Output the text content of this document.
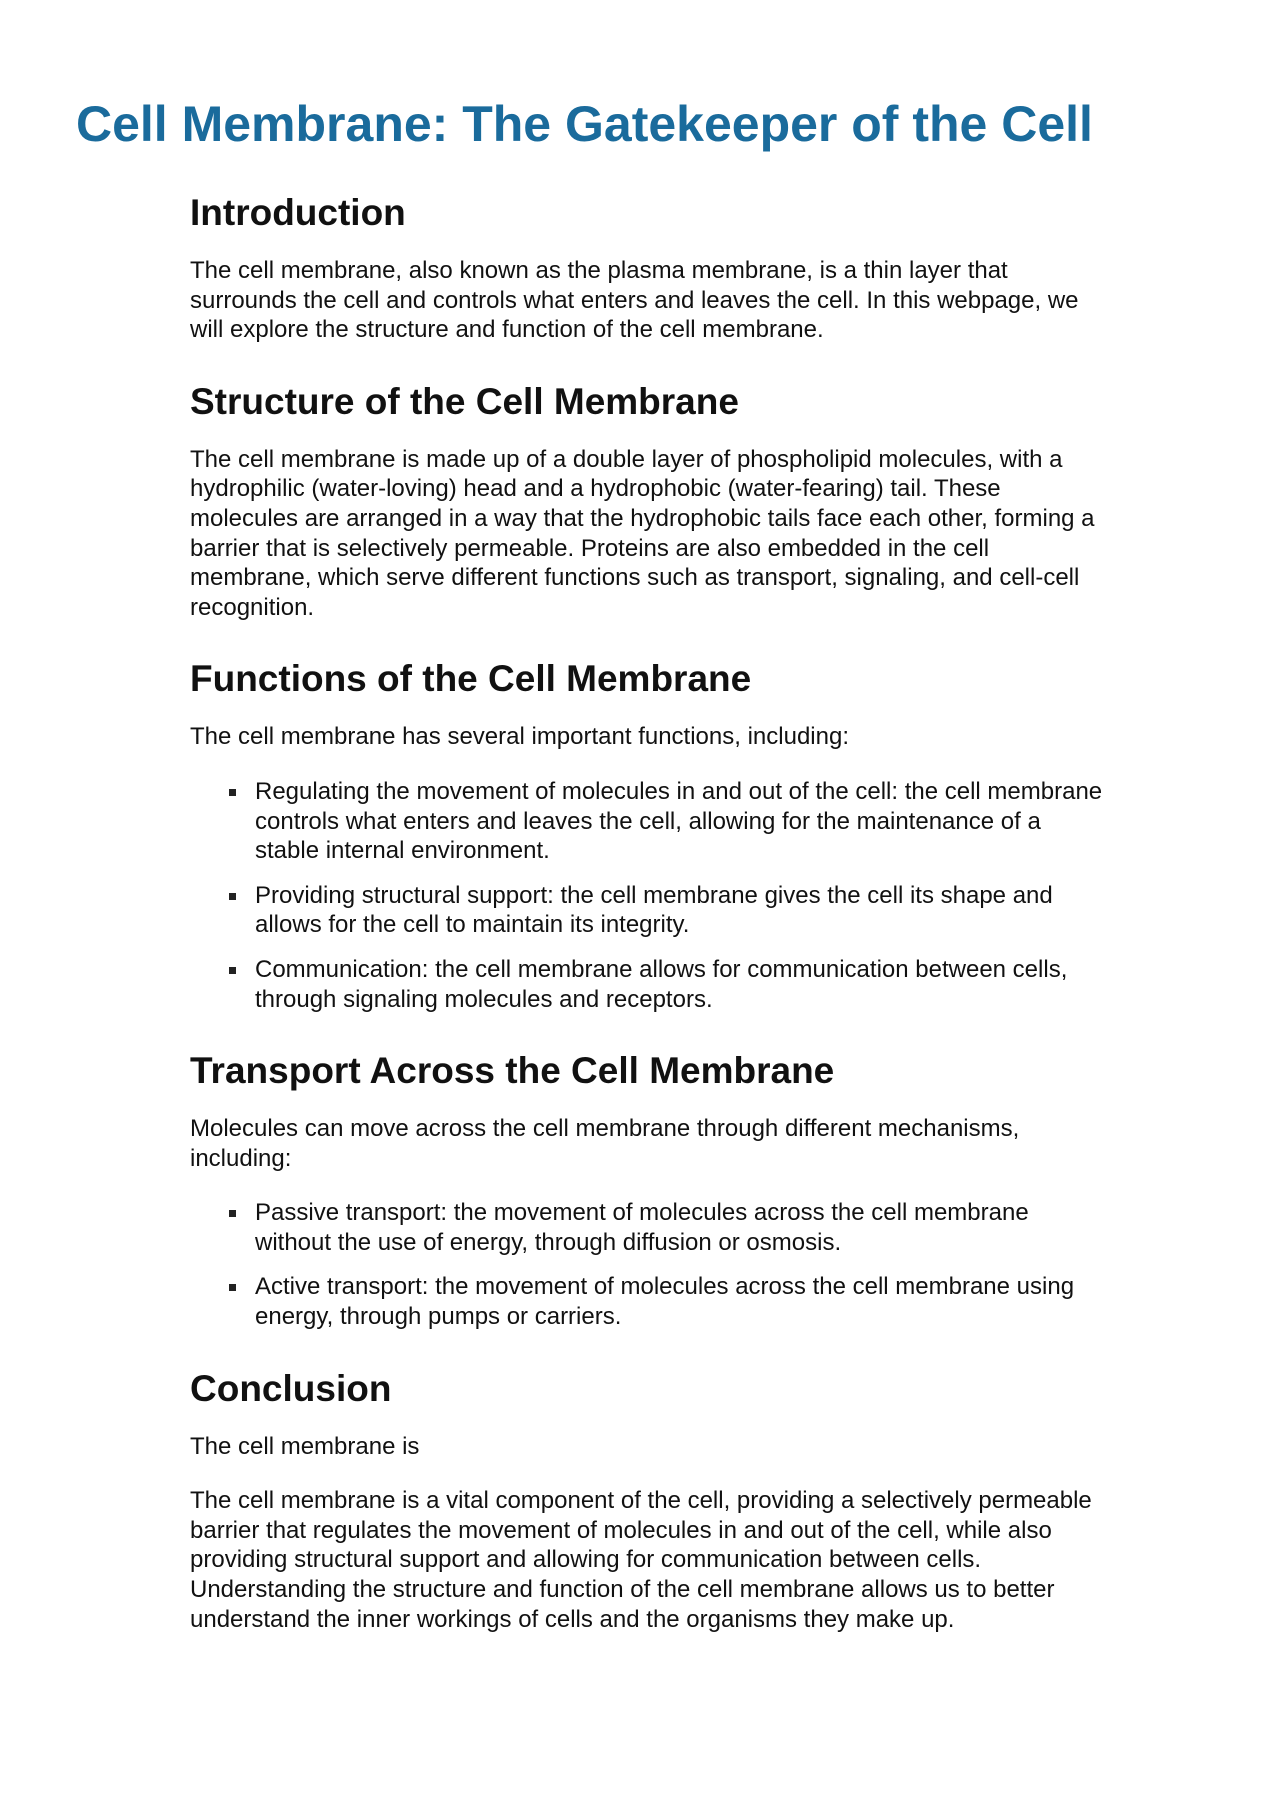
Cell Membrane: The Gatekeeper of the Cell
Introduction

The cell membrane, also known as the plasma membrane, is a thin layer that surrounds the cell and controls what enters and leaves the cell. In this webpage, we will explore the structure and function of the cell membrane.

Structure of the Cell Membrane

The cell membrane is made up of a double layer of phospholipid molecules, with a hydrophilic (water-loving) head and a hydrophobic (water-fearing) tail. These molecules are arranged in a way that the hydrophobic tails face each other, forming a barrier that is selectively permeable. Proteins are also embedded in the cell membrane, which serve different functions such as transport, signaling, and cell-cell recognition.

Functions of the Cell Membrane

The cell membrane has several important functions, including:

Regulating the movement of molecules in and out of the cell: the cell membrane controls what enters and leaves the cell, allowing for the maintenance of a stable internal environment.
Providing structural support: the cell membrane gives the cell its shape and allows for the cell to maintain its integrity.
Communication: the cell membrane allows for communication between cells, through signaling molecules and receptors.
Transport Across the Cell Membrane

Molecules can move across the cell membrane through different mechanisms, including:

Passive transport: the movement of molecules across the cell membrane without the use of energy, through diffusion or osmosis.
Active transport: the movement of molecules across the cell membrane using energy, through pumps or carriers.
Conclusion

The cell membrane is

The cell membrane is a vital component of the cell, providing a selectively permeable barrier that regulates the movement of molecules in and out of the cell, while also providing structural support and allowing for communication between cells. Understanding the structure and function of the cell membrane allows us to better understand the inner workings of cells and the organisms they make up.
